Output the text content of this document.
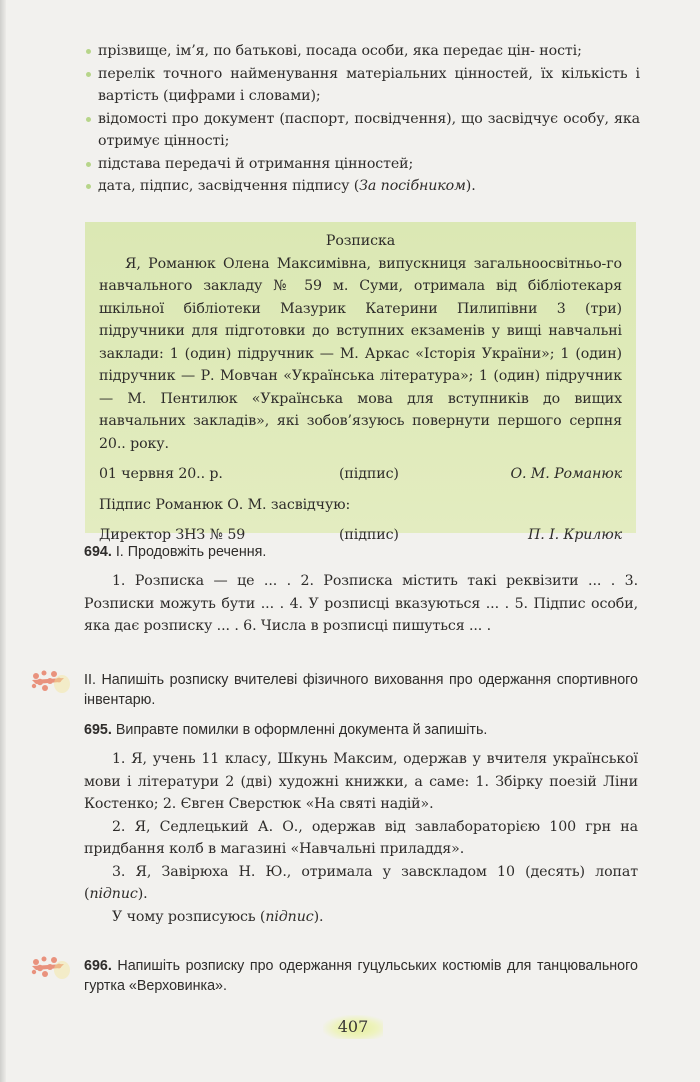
прізвище, ім’я, по батькові, посада особи, яка передає цін- ності;
перелік точного найменування матеріальних цінностей, їх кількість і вартість (цифрами і словами);
відомості про документ (паспорт, посвідчення), що засвідчує особу, яка отримує цінності;
підстава передачі й отримання цінностей;
дата, підпис, засвідчення підпису (За посібником).
Розписка
Я, Романюк Олена Максимівна, випускниця загальноосвітньо-го навчального закладу № 59 м. Суми, отримала від бібліотекаря шкільної бібліотеки Мазурик Катерини Пилипівни 3 (три) підручники для підготовки до вступних екзаменів у вищі навчальні заклади: 1 (один) підручник — М. Аркас «Історія України»; 1 (один) підручник — Р. Мовчан «Українська література»; 1 (один) підручник — М. Пентилюк «Українська мова для вступників до вищих навчальних закладів», які зобов’язуюсь повернути першого серпня 20.. року.
01 червня 20.. р.	(підпис)	О. М. Романюк
Підпис Романюк О. М. засвідчую:
Директор ЗНЗ № 59	(підпис)	П. І. Крилюк
694. І. Продовжіть речення.
1. Розписка — це ... . 2. Розписка містить такі реквізити ... . 3. Розписки можуть бути ... . 4. У розписці вказуються ... . 5. Підпис особи, яка дає розписку ... . 6. Числа в розписці пишуться ... .
ІІ. Напишіть розписку вчителеві фізичного виховання про одержання спортивного інвентарю.
695. Виправте помилки в оформленні документа й запишіть.
1. Я, учень 11 класу, Шкунь Максим, одержав у вчителя української мови і літератури 2 (дві) художні книжки, а саме: 1. Збірку поезій Ліни Костенко; 2. Євген Сверстюк «На святі надій».
2. Я, Седлецький А. О., одержав від завлабораторією 100 грн на придбання колб в магазині «Навчальні приладдя».
3. Я, Завірюха Н. Ю., отримала у завскладом 10 (десять) лопат (підпис).
У чому розписуюсь (підпис).
696. Напишіть розписку про одержання гуцульських костюмів для танцювального гуртка «Верховинка».
407
